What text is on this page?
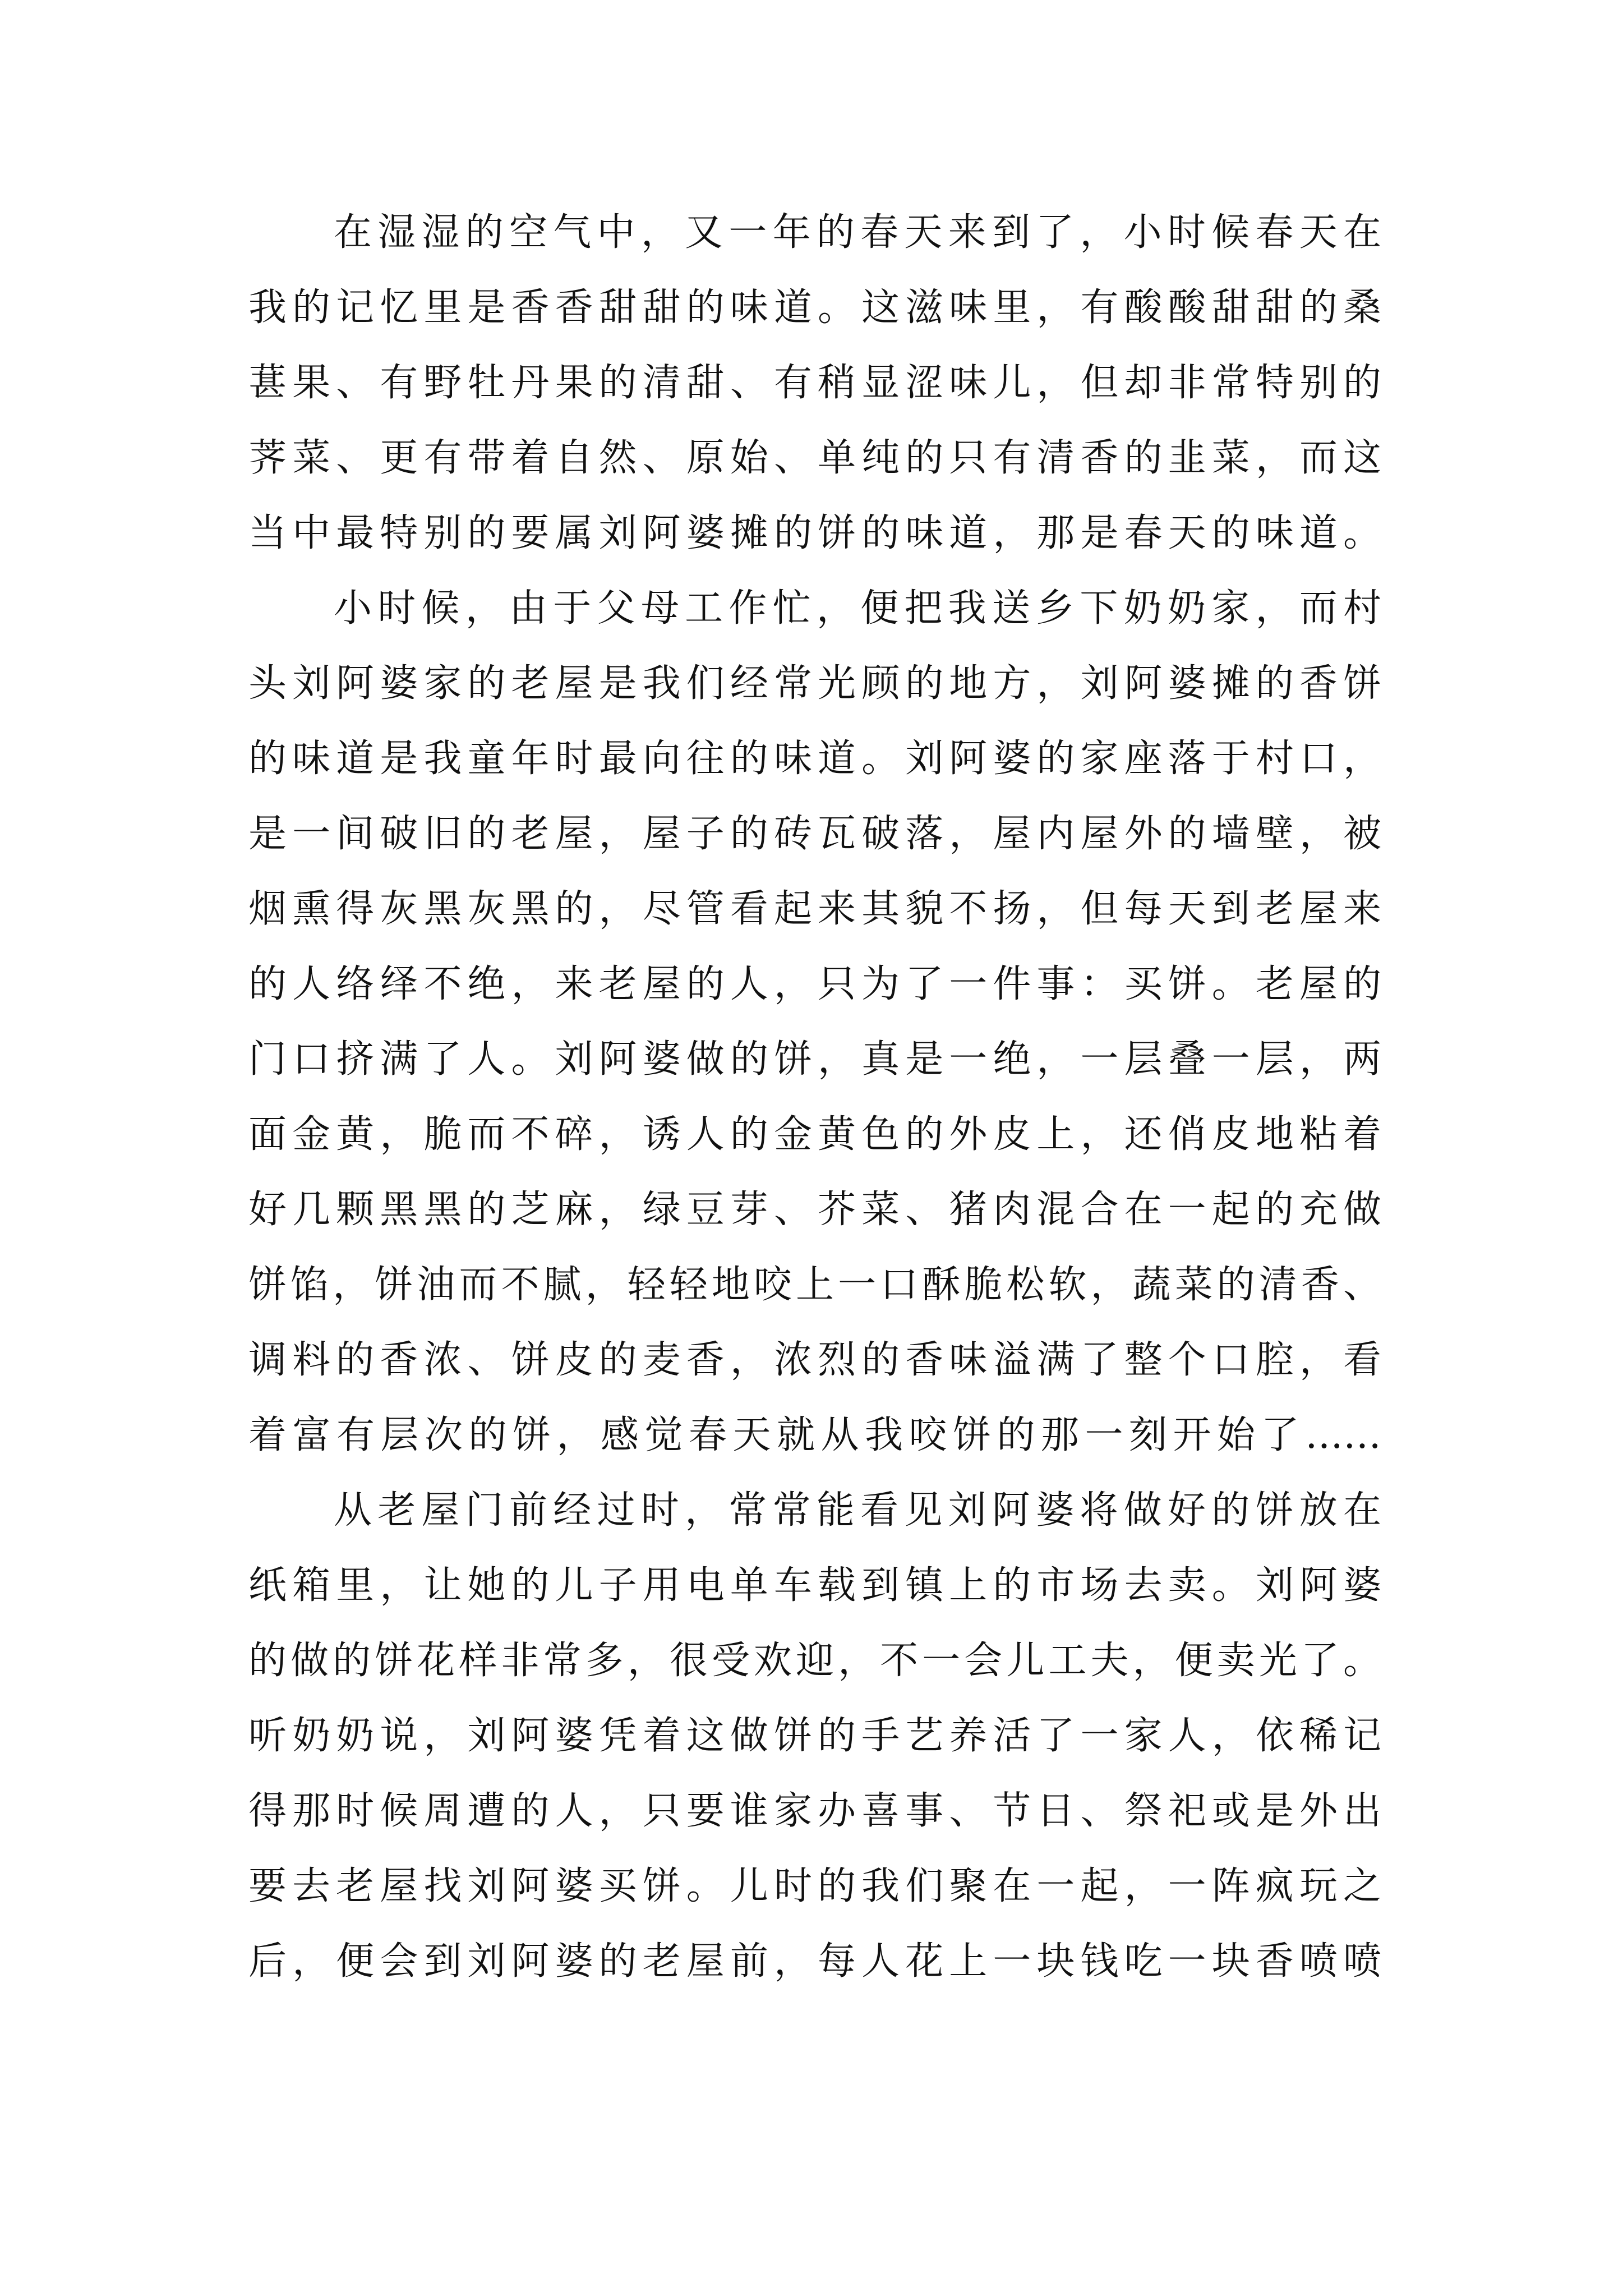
在湿湿的空气中，又一年的春天来到了，小时候春天在
我的记忆里是香香甜甜的味道。这滋味里，有酸酸甜甜的桑
葚果、有野牡丹果的清甜、有稍显涩味儿，但却非常特别的
荠菜、更有带着自然、原始、单纯的只有清香的韭菜，而这
当中最特别的要属刘阿婆摊的饼的味道，那是春天的味道。
小时候，由于父母工作忙，便把我送乡下奶奶家，而村
头刘阿婆家的老屋是我们经常光顾的地方，刘阿婆摊的香饼
的味道是我童年时最向往的味道。刘阿婆的家座落于村口，
是一间破旧的老屋，屋子的砖瓦破落，屋内屋外的墙壁，被
烟熏得灰黑灰黑的，尽管看起来其貌不扬，但每天到老屋来
的人络绎不绝，来老屋的人，只为了一件事：买饼。老屋的
门口挤满了人。刘阿婆做的饼，真是一绝，一层叠一层，两
面金黄，脆而不碎，诱人的金黄色的外皮上，还俏皮地粘着
好几颗黑黑的芝麻，绿豆芽、芥菜、猪肉混合在一起的充做
饼馅，饼油而不腻，轻轻地咬上一口酥脆松软，蔬菜的清香、
调料的香浓、饼皮的麦香，浓烈的香味溢满了整个口腔，看
着富有层次的饼，感觉春天就从我咬饼的那一刻开始了……
从老屋门前经过时，常常能看见刘阿婆将做好的饼放在
纸箱里，让她的儿子用电单车载到镇上的市场去卖。刘阿婆
的做的饼花样非常多，很受欢迎，不一会儿工夫，便卖光了。
听奶奶说，刘阿婆凭着这做饼的手艺养活了一家人，依稀记
得那时候周遭的人，只要谁家办喜事、节日、祭祀或是外出
要去老屋找刘阿婆买饼。儿时的我们聚在一起，一阵疯玩之
后，便会到刘阿婆的老屋前，每人花上一块钱吃一块香喷喷
